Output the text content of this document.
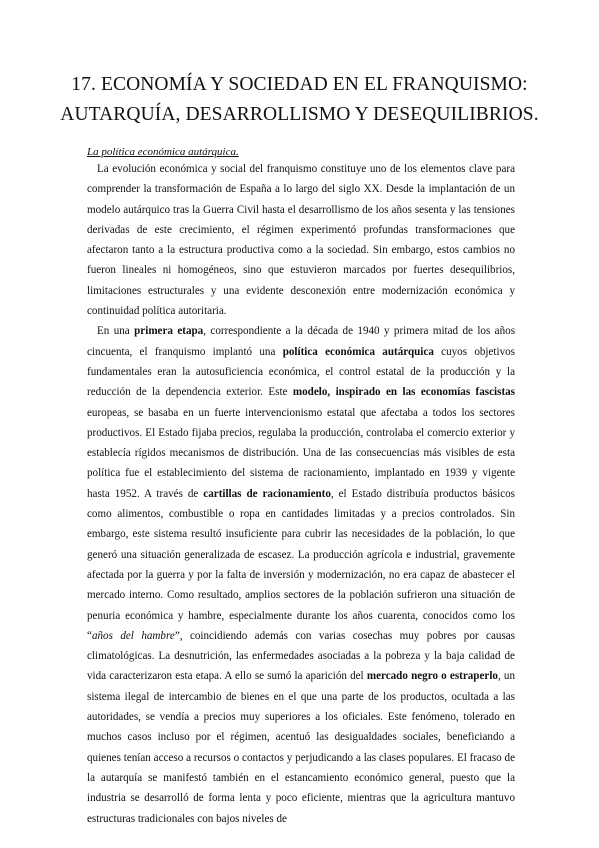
17. ECONOMÍA Y SOCIEDAD EN EL FRANQUISMO:
AUTARQUÍA, DESARROLLISMO Y DESEQUILIBRIOS.

La política económica autárquica.

La evolución económica y social del franquismo constituye uno de los elementos clave para comprender la transformación de España a lo largo del siglo XX. Desde la implantación de un modelo autárquico tras la Guerra Civil hasta el desarrollismo de los años sesenta y las tensiones derivadas de este crecimiento, el régimen experimentó profundas transformaciones que afectaron tanto a la estructura productiva como a la sociedad. Sin embargo, estos cambios no fueron lineales ni homogéneos, sino que estuvieron marcados por fuertes desequilibrios, limitaciones estructurales y una evidente desconexión entre modernización económica y continuidad política autoritaria.

En una primera etapa, correspondiente a la década de 1940 y primera mitad de los años cincuenta, el franquismo implantó una política económica autárquica cuyos objetivos fundamentales eran la autosuficiencia económica, el control estatal de la producción y la reducción de la dependencia exterior. Este modelo, inspirado en las economías fascistas europeas, se basaba en un fuerte intervencionismo estatal que afectaba a todos los sectores productivos. El Estado fijaba precios, regulaba la producción, controlaba el comercio exterior y establecía rígidos mecanismos de distribución. Una de las consecuencias más visibles de esta política fue el establecimiento del sistema de racionamiento, implantado en 1939 y vigente hasta 1952. A través de cartillas de racionamiento, el Estado distribuía productos básicos como alimentos, combustible o ropa en cantidades limitadas y a precios controlados. Sin embargo, este sistema resultó insuficiente para cubrir las necesidades de la población, lo que generó una situación generalizada de escasez. La producción agrícola e industrial, gravemente afectada por la guerra y por la falta de inversión y modernización, no era capaz de abastecer el mercado interno. Como resultado, amplios sectores de la población sufrieron una situación de penuria económica y hambre, especialmente durante los años cuarenta, conocidos como los “años del hambre”, coincidiendo además con varias cosechas muy pobres por causas climatológicas. La desnutrición, las enfermedades asociadas a la pobreza y la baja calidad de vida caracterizaron esta etapa. A ello se sumó la aparición del mercado negro o estraperlo, un sistema ilegal de intercambio de bienes en el que una parte de los productos, ocultada a las autoridades, se vendía a precios muy superiores a los oficiales. Este fenómeno, tolerado en muchos casos incluso por el régimen, acentuó las desigualdades sociales, beneficiando a quienes tenían acceso a recursos o contactos y perjudicando a las clases populares. El fracaso de la autarquía se manifestó también en el estancamiento económico general, puesto que la industria se desarrolló de forma lenta y poco eficiente, mientras que la agricultura mantuvo estructuras tradicionales con bajos niveles de
